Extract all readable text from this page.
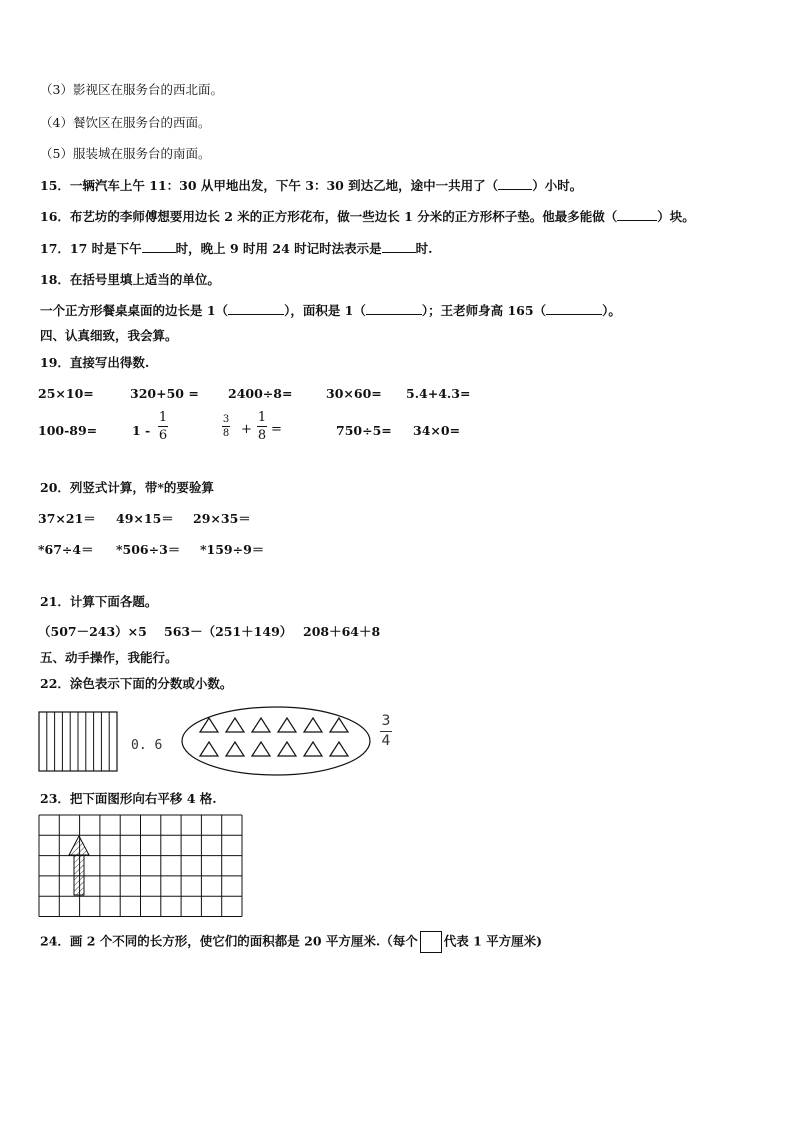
（3）影视区在服务台的西北面。
（4）餐饮区在服务台的西面。
（5）服装城在服务台的南面。
15．一辆汽车上午 11：30 从甲地出发，下午 3：30 到达乙地，途中一共用了（	）小时。
16．布艺坊的李师傅想要用边长 2 米的正方形花布，做一些边长 1 分米的正方形杯子垫。他最多能做（	）块。
17．17 时是下午	时，晚上 9 时用 24 时记时法表示是	时.
18．在括号里填上适当的单位。
一个正方形餐桌桌面的边长是 1（	），面积是 1（	）；王老师身高 165（	）。
四、认真细致，我会算。
19．直接写出得数.
25×10=	320+50 = 2400÷8=	30×60= 5.4+4.3=
100-89=	1 -
1
6
3
8 +
1
8 =	750÷5= 34×0=
20．列竖式计算，带*的要验算
37×21＝ 49×15＝ 29×35＝
*67÷4＝ *506÷3＝ *159÷9＝
21．计算下面各题。
（507－243）×5 563－（251＋149） 208＋64＋8
五、动手操作，我能行。
22．涂色表示下面的分数或小数。
0. 6
3
4
23．把下面图形向右平移 4 格.
24．画 2 个不同的长方形，使它们的面积都是 20 平方厘米.（每个 代表 1 平方厘米)
